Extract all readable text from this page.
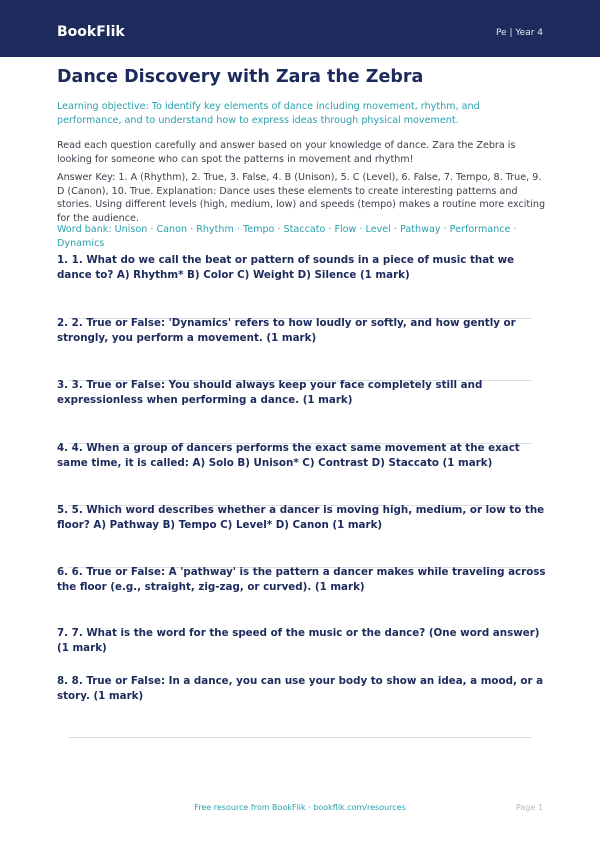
BookFlik	Pe | Year 4
Dance Discovery with Zara the Zebra
Learning objective: To identify key elements of dance including movement, rhythm, and performance, and to understand how to express ideas through physical movement.
Read each question carefully and answer based on your knowledge of dance. Zara the Zebra is looking for someone who can spot the patterns in movement and rhythm!
Answer Key: 1. A (Rhythm), 2. True, 3. False, 4. B (Unison), 5. C (Level), 6. False, 7. Tempo, 8. True, 9. D (Canon), 10. True. Explanation: Dance uses these elements to create interesting patterns and stories. Using different levels (high, medium, low) and speeds (tempo) makes a routine more exciting for the audience.
Word bank: Unison · Canon · Rhythm · Tempo · Staccato · Flow · Level · Pathway · Performance · Dynamics
1. 1. What do we call the beat or pattern of sounds in a piece of music that we dance to? A) Rhythm* B) Color C) Weight D) Silence (1 mark)
2. 2. True or False: 'Dynamics' refers to how loudly or softly, and how gently or strongly, you perform a movement. (1 mark)
3. 3. True or False: You should always keep your face completely still and expressionless when performing a dance. (1 mark)
4. 4. When a group of dancers performs the exact same movement at the exact same time, it is called: A) Solo B) Unison* C) Contrast D) Staccato (1 mark)
5. 5. Which word describes whether a dancer is moving high, medium, or low to the floor? A) Pathway B) Tempo C) Level* D) Canon (1 mark)
6. 6. True or False: A 'pathway' is the pattern a dancer makes while traveling across the floor (e.g., straight, zig-zag, or curved). (1 mark)
7. 7. What is the word for the speed of the music or the dance? (One word answer) (1 mark)
8. 8. True or False: In a dance, you can use your body to show an idea, a mood, or a story. (1 mark)
Free resource from BookFlik · bookflik.com/resources	Page 1
